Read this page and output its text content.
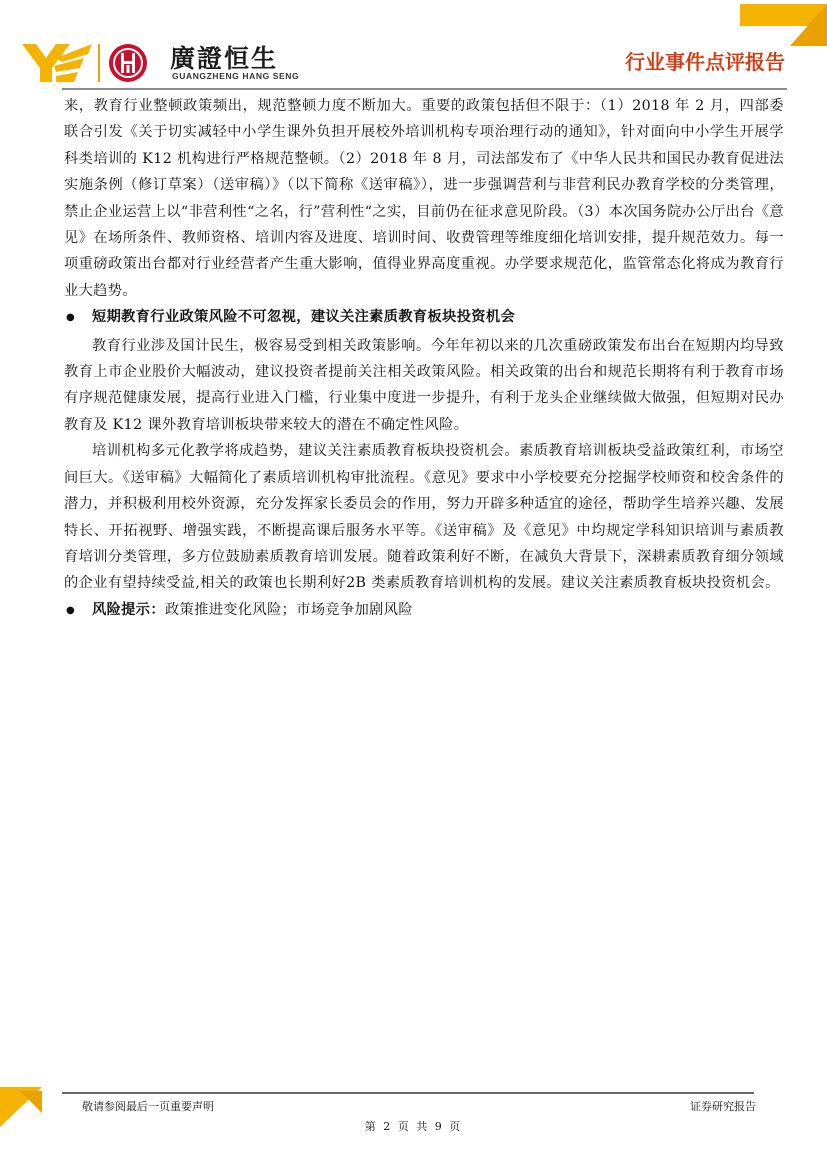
廣證恒生
GUANGZHENG HANG SENG
行业事件点评报告

来，教育行业整顿政策频出，规范整顿力度不断加大。重要的政策包括但不限于：（1）2018 年 2 月，四部委联合引发《关于切实减轻中小学生课外负担开展校外培训机构专项治理行动的通知》，针对面向中小学生开展学科类培训的 K12 机构进行严格规范整顿。（2）2018 年 8 月，司法部发布了《中华人民共和国民办教育促进法实施条例（修订草案）（送审稿）》（以下简称《送审稿》），进一步强调营利与非营利民办教育学校的分类管理，禁止企业运营上以“非营利性“之名，行”营利性“之实，目前仍在征求意见阶段。（3）本次国务院办公厅出台《意见》在场所条件、教师资格、培训内容及进度、培训时间、收费管理等维度细化培训安排，提升规范效力。每一项重磅政策出台都对行业经营者产生重大影响，值得业界高度重视。办学要求规范化，监管常态化将成为教育行业大趋势。

●	短期教育行业政策风险不可忽视，建议关注素质教育板块投资机会

教育行业涉及国计民生，极容易受到相关政策影响。今年年初以来的几次重磅政策发布出台在短期内均导致教育上市企业股价大幅波动，建议投资者提前关注相关政策风险。相关政策的出台和规范长期将有利于教育市场有序规范健康发展，提高行业进入门槛，行业集中度进一步提升，有利于龙头企业继续做大做强，但短期对民办教育及 K12 课外教育培训板块带来较大的潜在不确定性风险。

培训机构多元化教学将成趋势，建议关注素质教育板块投资机会。素质教育培训板块受益政策红利，市场空间巨大。《送审稿》大幅简化了素质培训机构审批流程。《意见》要求中小学校要充分挖掘学校师资和校舍条件的潜力，并积极利用校外资源，充分发挥家长委员会的作用，努力开辟多种适宜的途径，帮助学生培养兴趣、发展特长、开拓视野、增强实践，不断提高课后服务水平等。《送审稿》及《意见》中均规定学科知识培训与素质教育培训分类管理，多方位鼓励素质教育培训发展。随着政策利好不断，在减负大背景下，深耕素质教育细分领域的企业有望持续受益,相关的政策也长期利好2B 类素质教育培训机构的发展。建议关注素质教育板块投资机会。

●	风险提示：政策推进变化风险；市场竞争加剧风险
敬请参阅最后一页重要声明	证券研究报告
第 2 页 共 9 页
